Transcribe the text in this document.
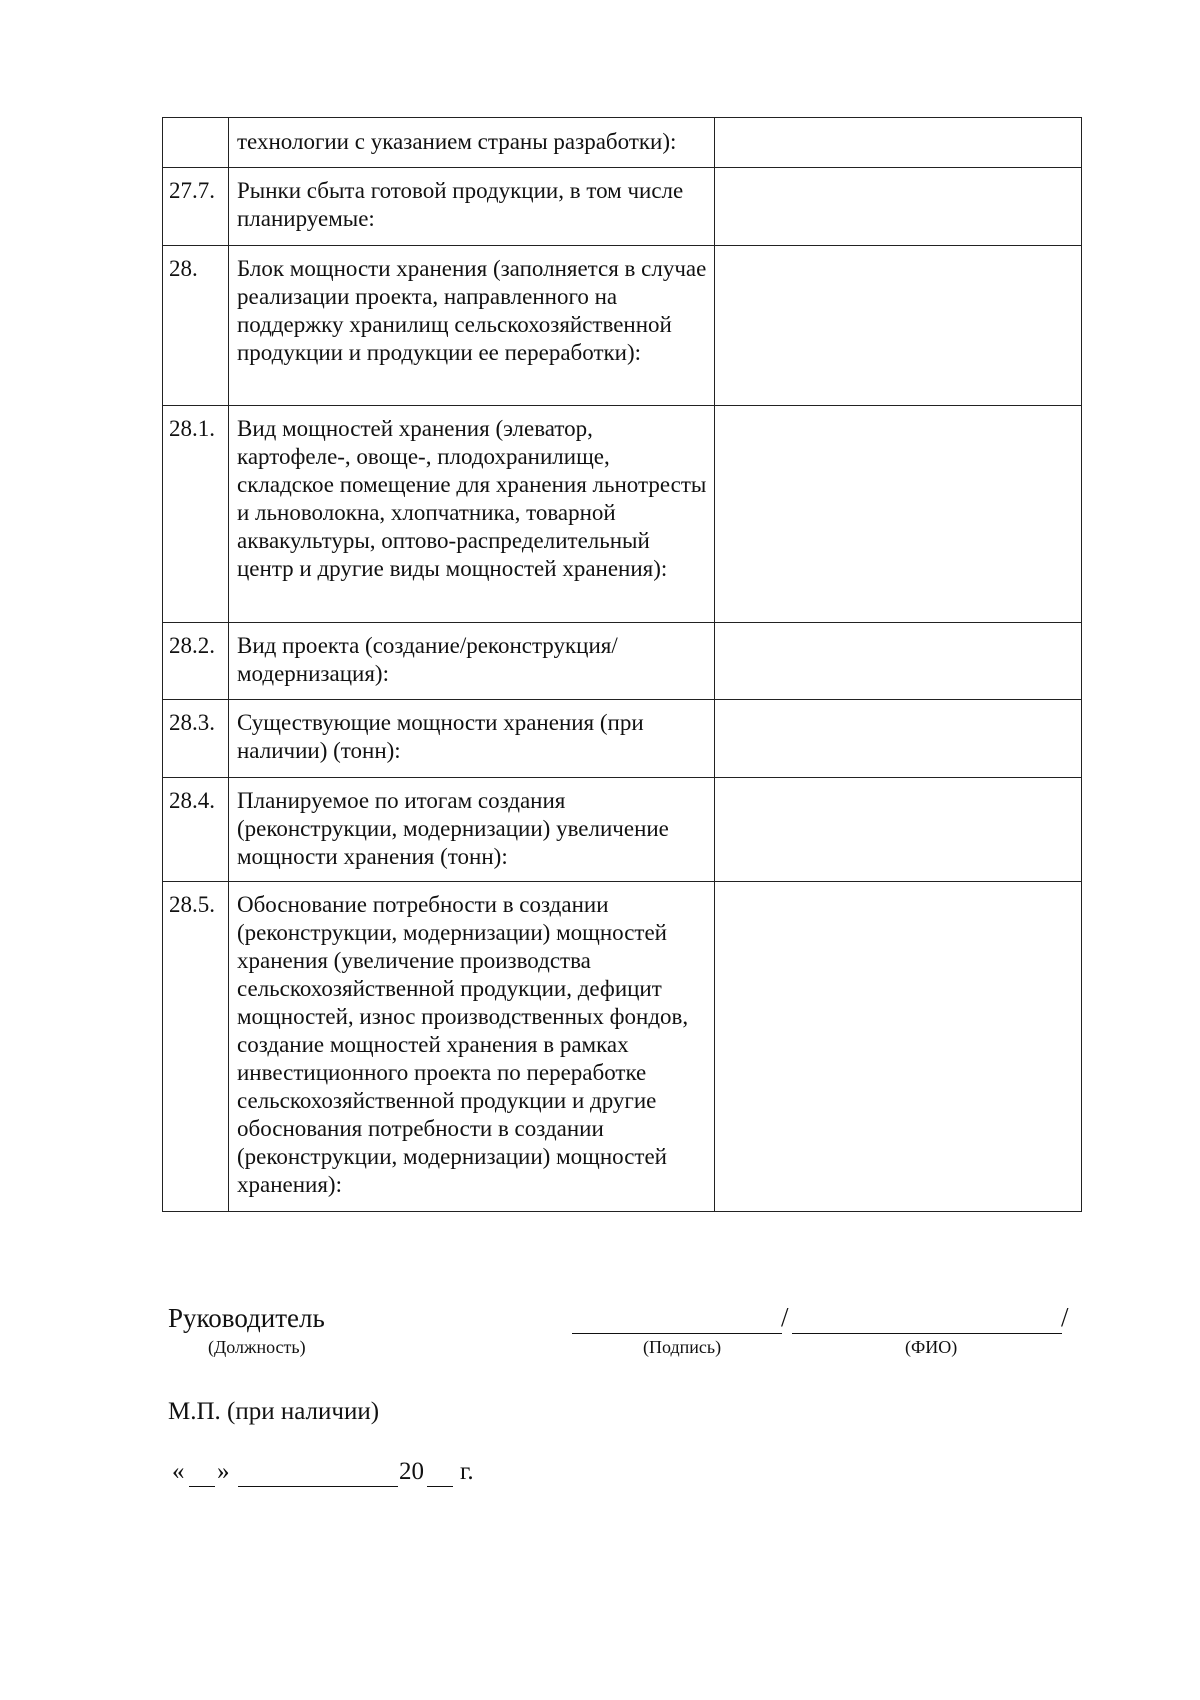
	технологии с указанием страны разработки):	
27.7.	Рынки сбыта готовой продукции, в том числе планируемые:	
28.	Блок мощности хранения (заполняется в случае реализации проекта, направленного на поддержку хранилищ сельскохозяйственной продукции и продукции ее переработки):	
28.1.	Вид мощностей хранения (элеватор, картофеле-, овоще-, плодохранилище, складское помещение для хранения льнотресты и льноволокна, хлопчатника, товарной аквакультуры, оптово-распределительный центр и другие виды мощностей хранения):	
28.2.	Вид проекта (создание/реконструкция/модернизация):	
28.3.	Существующие мощности хранения (при наличии) (тонн):	
28.4.	Планируемое по итогам создания (реконструкции, модернизации) увеличение мощности хранения (тонн):	
28.5.	Обоснование потребности в создании (реконструкции, модернизации) мощностей хранения (увеличение производства сельскохозяйственной продукции, дефицит мощностей, износ производственных фондов, создание мощностей хранения в рамках инвестиционного проекта по переработке сельскохозяйственной продукции и другие обоснования потребности в создании (реконструкции, модернизации) мощностей хранения):	
Руководитель
(Должность)
/	/
(Подпись)	(ФИО)
М.П. (при наличии)
« »	20 г.
